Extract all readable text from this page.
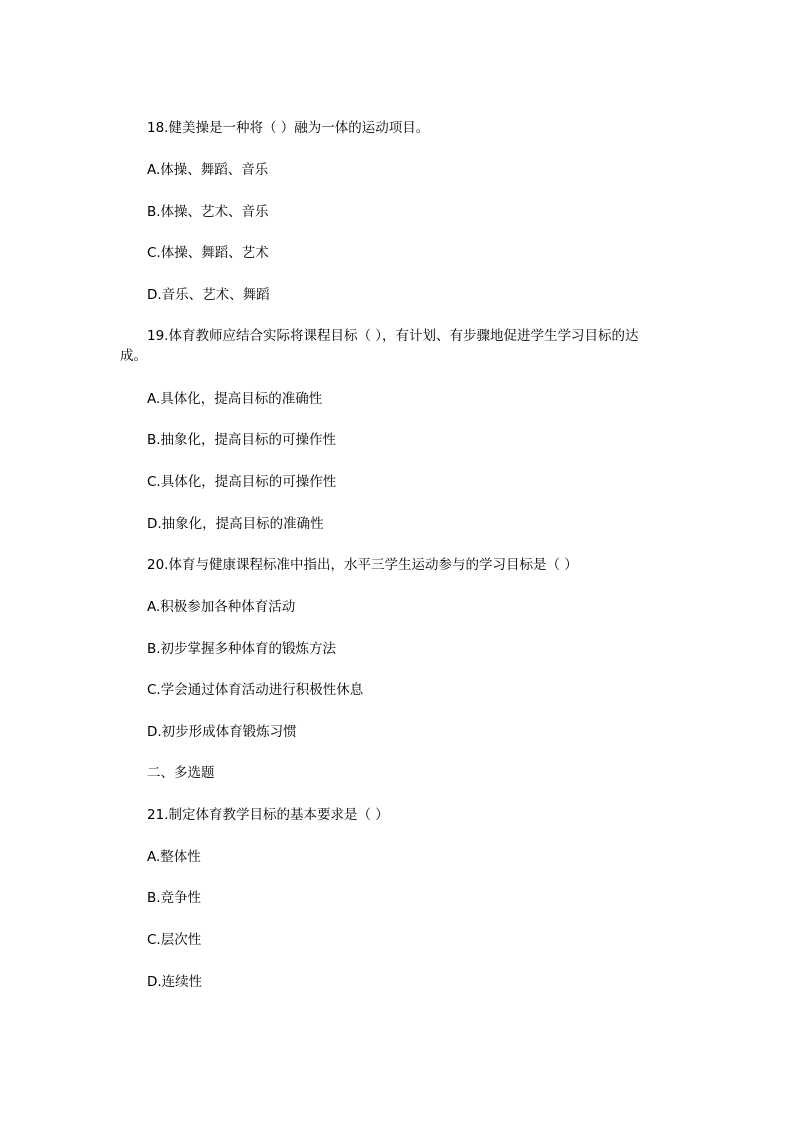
18.健美操是一种将（ ）融为一体的运动项目。
A.体操、舞蹈、音乐
B.体操、艺术、音乐
C.体操、舞蹈、艺术
D.音乐、艺术、舞蹈
19.体育教师应结合实际将课程目标（ ），有计划、有步骤地促进学生学习目标的达
成。
A.具体化，提高目标的准确性
B.抽象化，提高目标的可操作性
C.具体化，提高目标的可操作性
D.抽象化，提高目标的准确性
20.体育与健康课程标准中指出，水平三学生运动参与的学习目标是（ ）
A.积极参加各种体育活动
B.初步掌握多种体育的锻炼方法
C.学会通过体育活动进行积极性休息
D.初步形成体育锻炼习惯
二、多选题
21.制定体育教学目标的基本要求是（ ）
A.整体性
B.竞争性
C.层次性
D.连续性
